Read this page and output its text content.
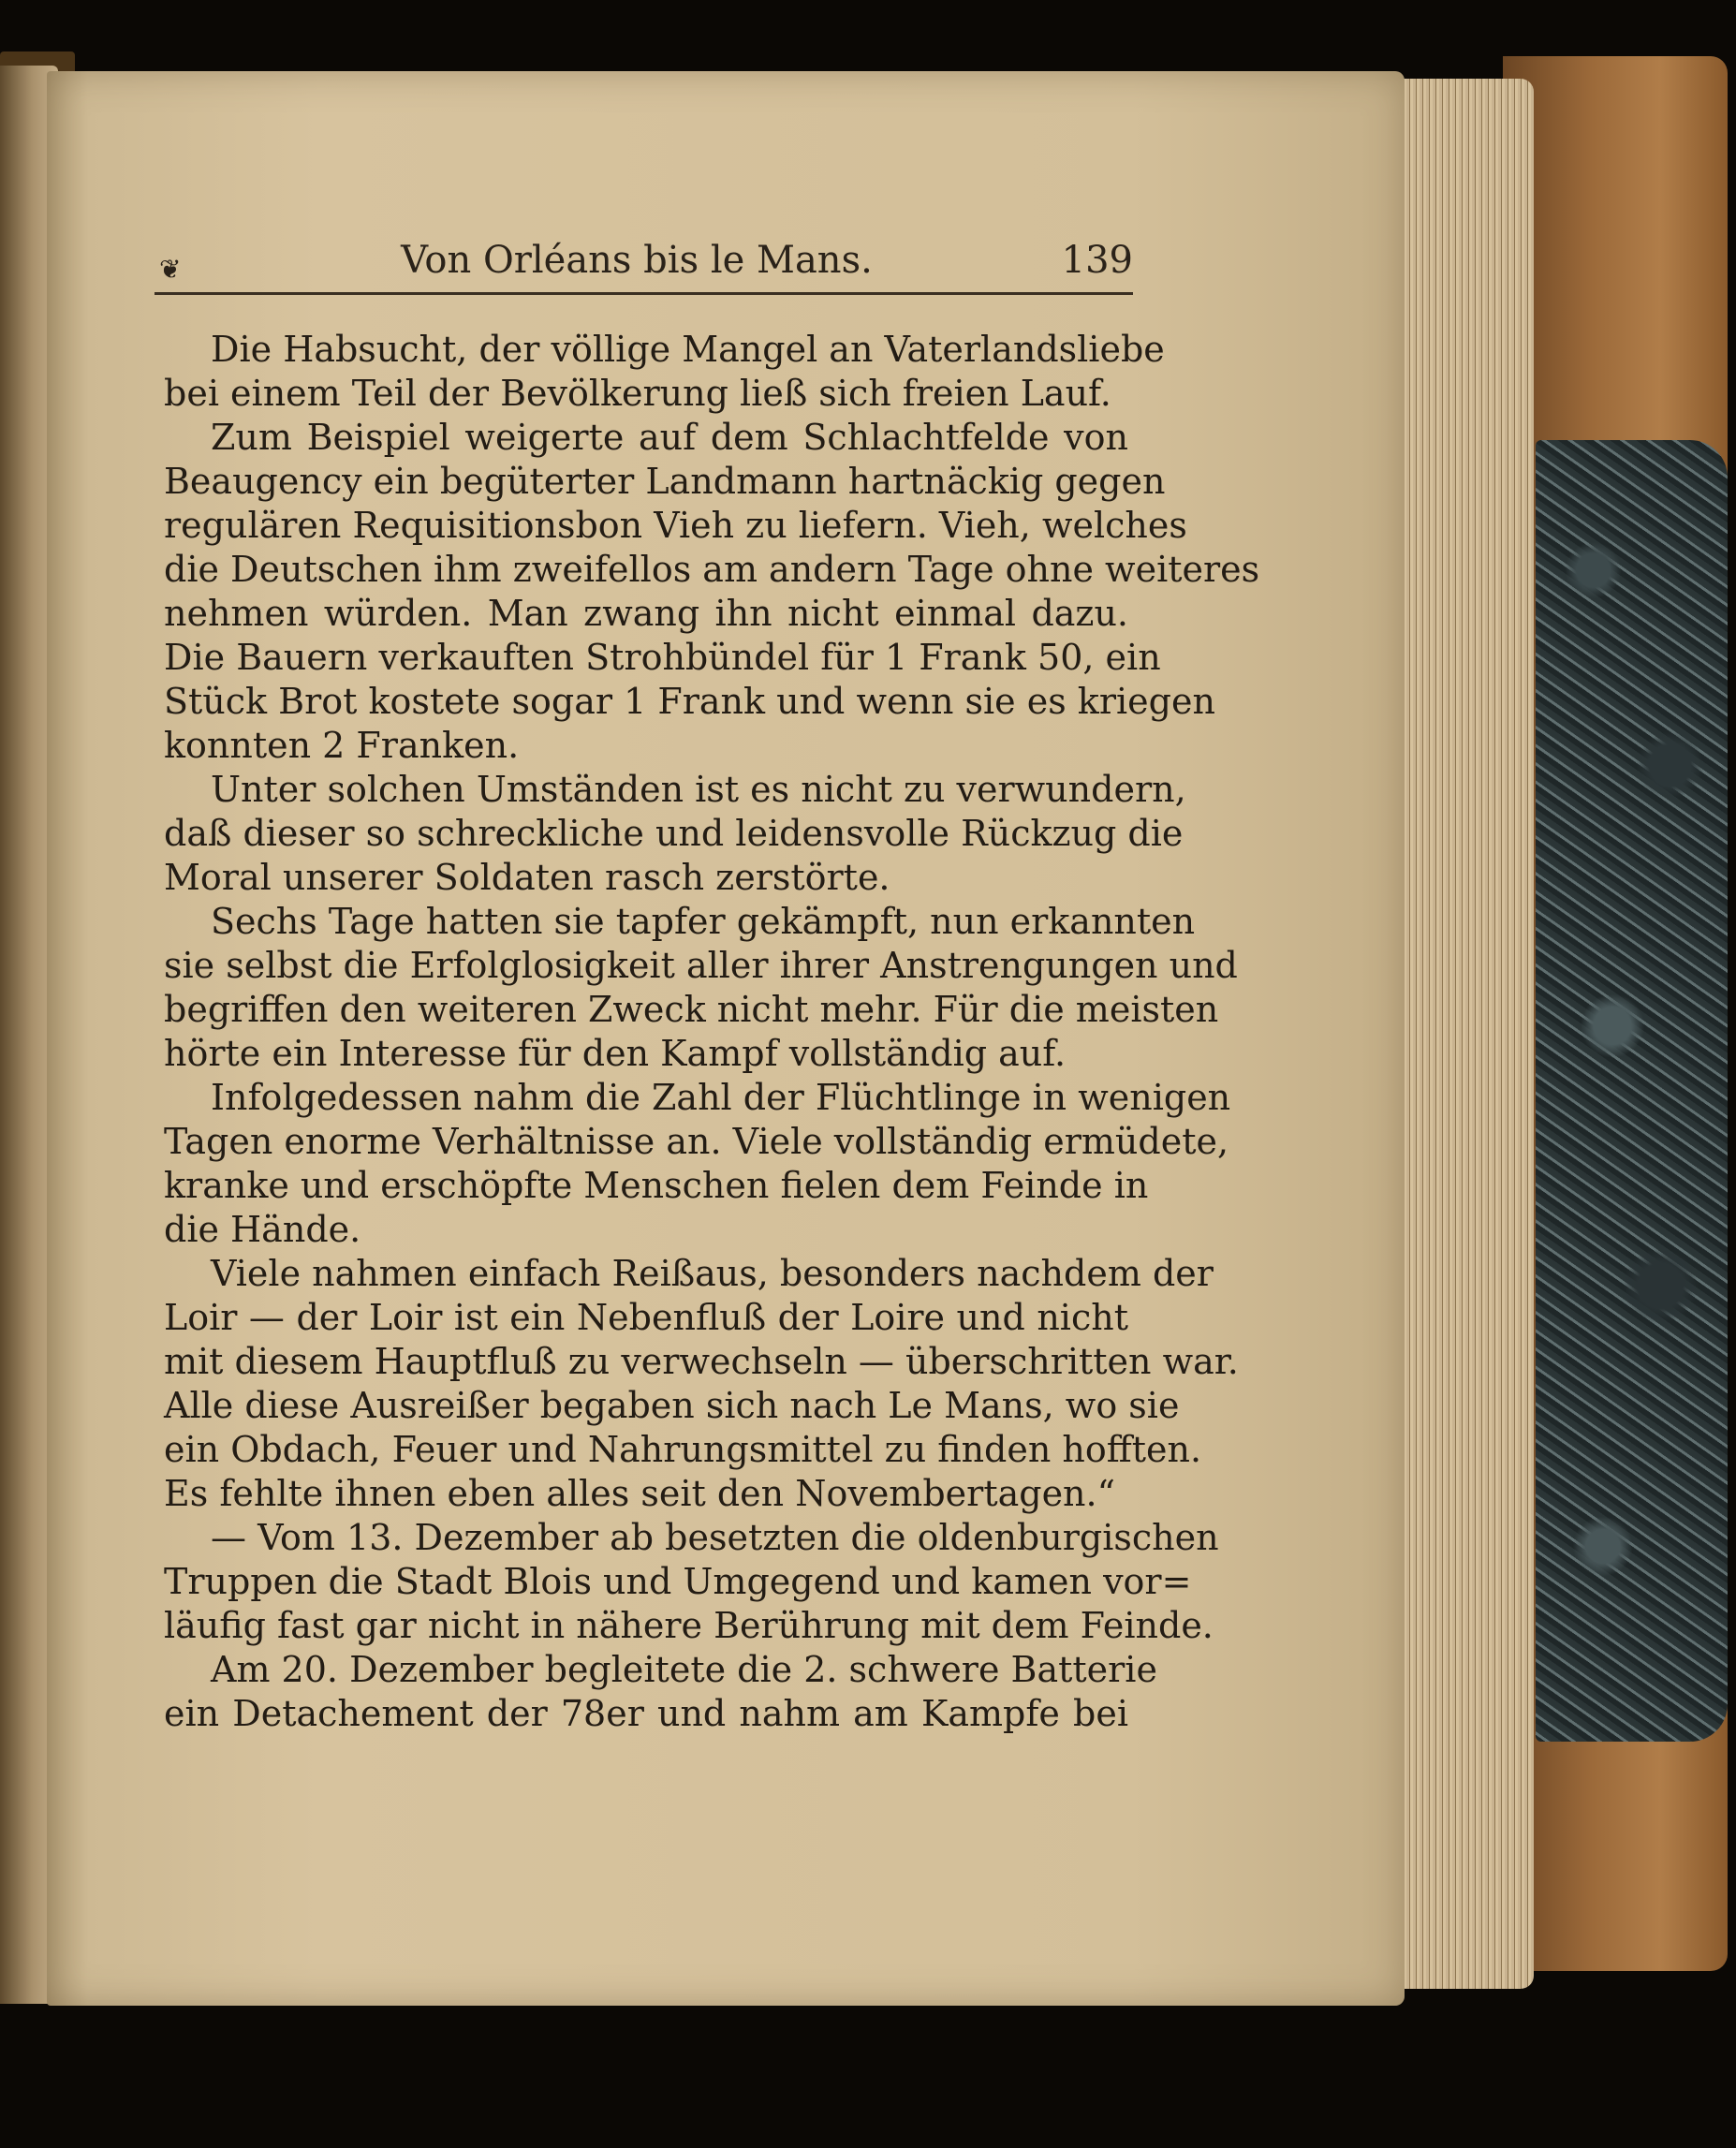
❦	Von Orléans bis le Mans.	139
Die Habsucht, der völlige Mangel an Vaterlandsliebe
bei einem Teil der Bevölkerung ließ sich freien Lauf.
Zum Beispiel weigerte auf dem Schlachtfelde von
Beaugency ein begüterter Landmann hartnäckig gegen
regulären Requisitionsbon Vieh zu liefern. Vieh, welches
die Deutschen ihm zweifellos am andern Tage ohne weiteres
nehmen würden. Man zwang ihn nicht einmal dazu.
Die Bauern verkauften Strohbündel für 1 Frank 50, ein
Stück Brot kostete sogar 1 Frank und wenn sie es kriegen
konnten 2 Franken.
Unter solchen Umständen ist es nicht zu verwundern,
daß dieser so schreckliche und leidensvolle Rückzug die
Moral unserer Soldaten rasch zerstörte.
Sechs Tage hatten sie tapfer gekämpft, nun erkannten
sie selbst die Erfolglosigkeit aller ihrer Anstrengungen und
begriffen den weiteren Zweck nicht mehr. Für die meisten
hörte ein Interesse für den Kampf vollständig auf.
Infolgedessen nahm die Zahl der Flüchtlinge in wenigen
Tagen enorme Verhältnisse an. Viele vollständig ermüdete,
kranke und erschöpfte Menschen fielen dem Feinde in
die Hände.
Viele nahmen einfach Reißaus, besonders nachdem der
Loir — der Loir ist ein Nebenfluß der Loire und nicht
mit diesem Hauptfluß zu verwechseln — überschritten war.
Alle diese Ausreißer begaben sich nach Le Mans, wo sie
ein Obdach, Feuer und Nahrungsmittel zu finden hofften.
Es fehlte ihnen eben alles seit den Novembertagen.“
— Vom 13. Dezember ab besetzten die oldenburgischen
Truppen die Stadt Blois und Umgegend und kamen vor=
läufig fast gar nicht in nähere Berührung mit dem Feinde.
Am 20. Dezember begleitete die 2. schwere Batterie
ein Detachement der 78er und nahm am Kampfe bei
